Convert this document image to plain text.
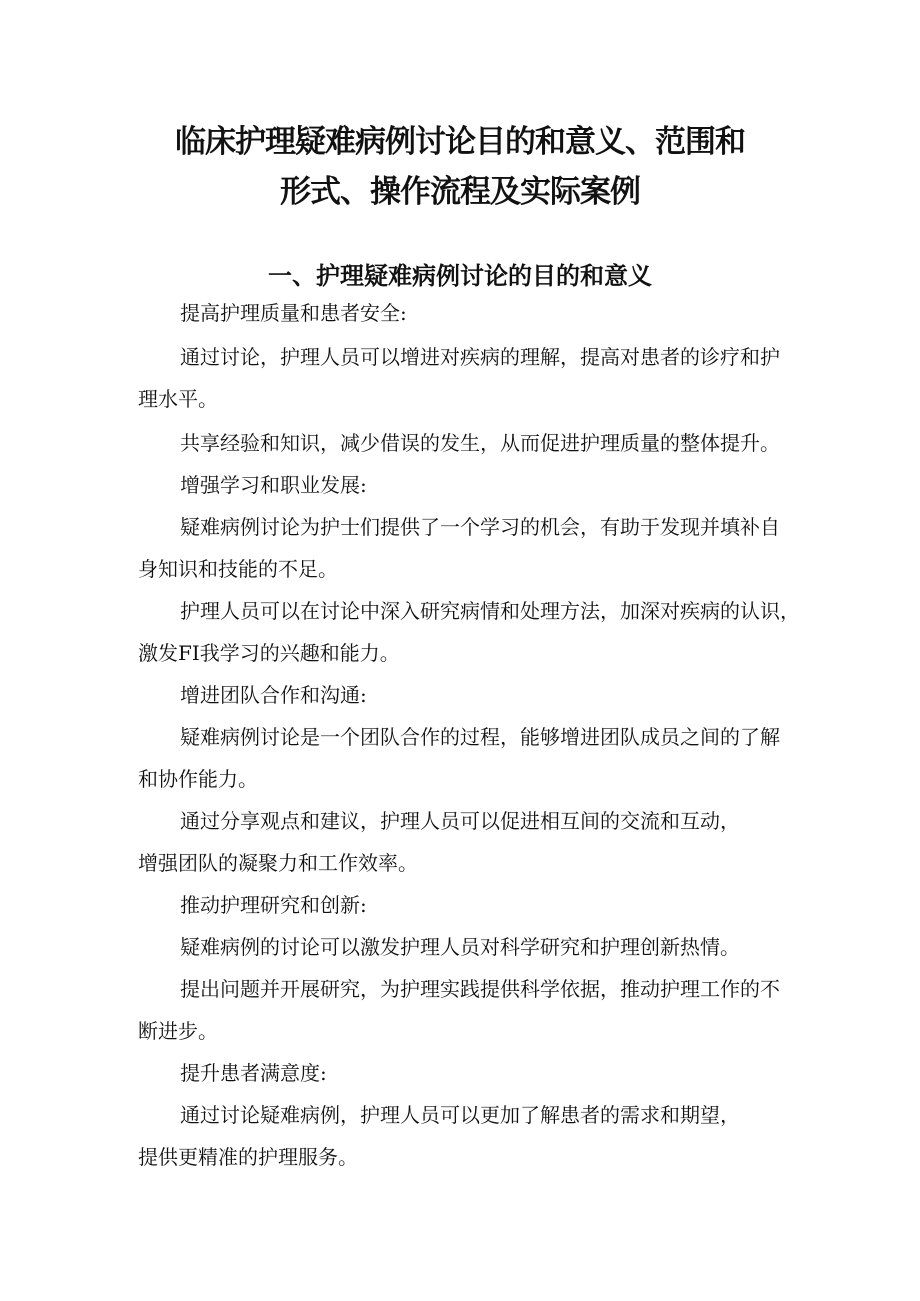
临床护理疑难病例讨论目的和意义、范围和
形式、操作流程及实际案例
一、护理疑难病例讨论的目的和意义

提高护理质量和患者安全:

通过讨论，护理人员可以增进对疾病的理解，提高对患者的诊疗和护

理水平。

共享经验和知识，减少借误的发生，从而促进护理质量的整体提升。

增强学习和职业发展:

疑难病例讨论为护士们提供了一个学习的机会，有助于发现并填补自

身知识和技能的不足。

护理人员可以在讨论中深入研究病情和处理方法，加深对疾病的认识，

激发FI我学习的兴趣和能力。

增进团队合作和沟通:

疑难病例讨论是一个团队合作的过程，能够增进团队成员之间的了解

和协作能力。

通过分享观点和建议，护理人员可以促进相互间的交流和互动，

增强团队的凝聚力和工作效率。

推动护理研究和创新:

疑难病例的讨论可以激发护理人员对科学研究和护理创新热情。

提出问题并开展研究，为护理实践提供科学依据，推动护理工作的不

断进步。

提升患者满意度:

通过讨论疑难病例，护理人员可以更加了解患者的需求和期望，

提供更精准的护理服务。
